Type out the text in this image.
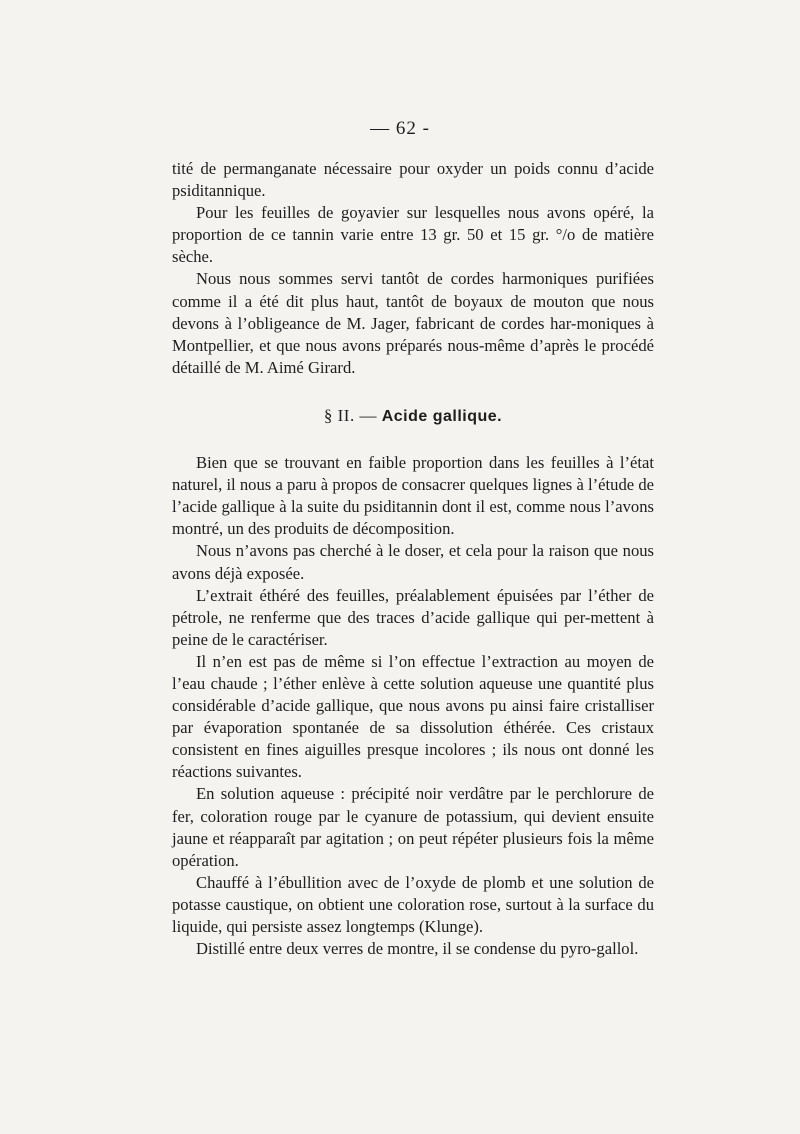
— 62 -

tité de permanganate nécessaire pour oxyder un poids connu d’acide psiditannique.

Pour les feuilles de goyavier sur lesquelles nous avons opéré, la proportion de ce tannin varie entre 13 gr. 50 et 15 gr. °/o de matière sèche.

Nous nous sommes servi tantôt de cordes harmoniques purifiées comme il a été dit plus haut, tantôt de boyaux de mouton que nous devons à l’obligeance de M. Jager, fabricant de cordes har-moniques à Montpellier, et que nous avons préparés nous-même d’après le procédé détaillé de M. Aimé Girard.

§ II. — Acide gallique.

Bien que se trouvant en faible proportion dans les feuilles à l’état naturel, il nous a paru à propos de consacrer quelques lignes à l’étude de l’acide gallique à la suite du psiditannin dont il est, comme nous l’avons montré, un des produits de décomposition.

Nous n’avons pas cherché à le doser, et cela pour la raison que nous avons déjà exposée.

L’extrait éthéré des feuilles, préalablement épuisées par l’éther de pétrole, ne renferme que des traces d’acide gallique qui per-mettent à peine de le caractériser.

Il n’en est pas de même si l’on effectue l’extraction au moyen de l’eau chaude ; l’éther enlève à cette solution aqueuse une quantité plus considérable d’acide gallique, que nous avons pu ainsi faire cristalliser par évaporation spontanée de sa dissolution éthérée. Ces cristaux consistent en fines aiguilles presque incolores ; ils nous ont donné les réactions suivantes.

En solution aqueuse : précipité noir verdâtre par le perchlorure de fer, coloration rouge par le cyanure de potassium, qui devient ensuite jaune et réapparaît par agitation ; on peut répéter plusieurs fois la même opération.

Chauffé à l’ébullition avec de l’oxyde de plomb et une solution de potasse caustique, on obtient une coloration rose, surtout à la surface du liquide, qui persiste assez longtemps (Klunge).

Distillé entre deux verres de montre, il se condense du pyro-gallol.
